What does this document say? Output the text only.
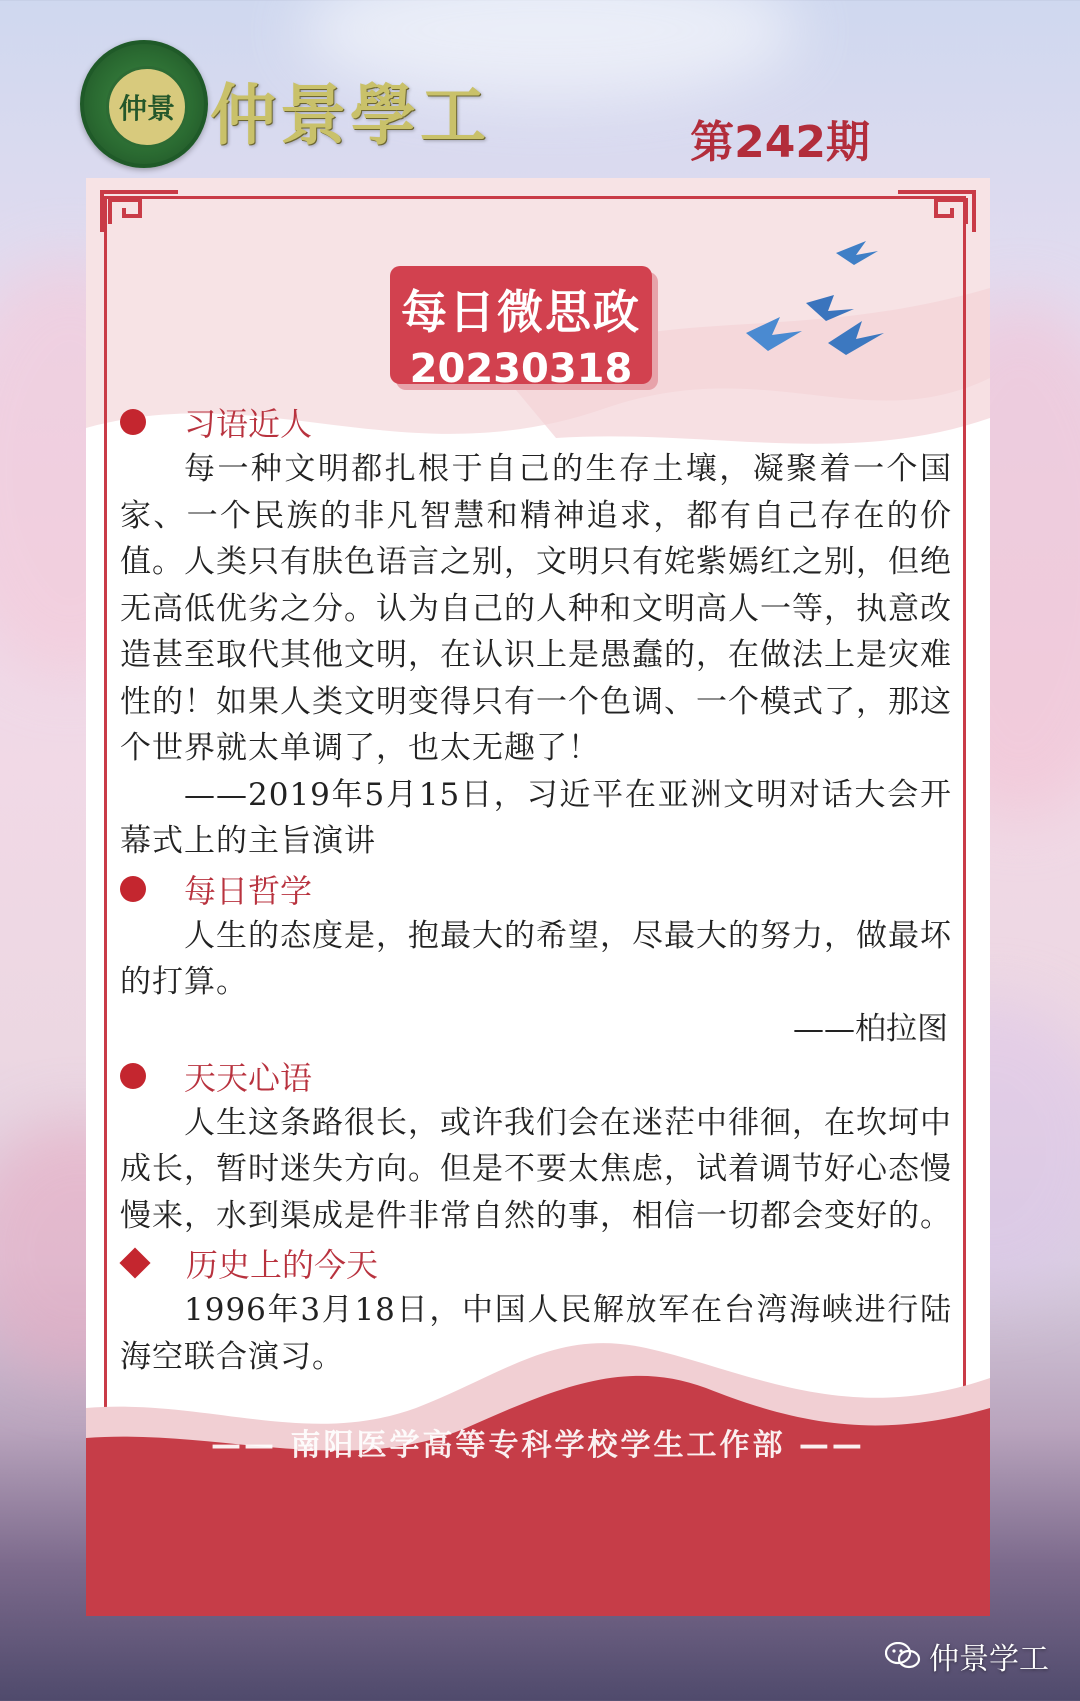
仲景 仲景學工	第242期
每日微思政
20230318
习语近人

每一种文明都扎根于自己的生存土壤，凝聚着一个国家、一个民族的非凡智慧和精神追求，都有自己存在的价值。人类只有肤色语言之别，文明只有姹紫嫣红之别，但绝无高低优劣之分。认为自己的人种和文明高人一等，执意改造甚至取代其他文明，在认识上是愚蠢的，在做法上是灾难性的！如果人类文明变得只有一个色调、一个模式了，那这个世界就太单调了，也太无趣了！

——2019年5月15日，习近平在亚洲文明对话大会开幕式上的主旨演讲

每日哲学

人生的态度是，抱最大的希望，尽最大的努力，做最坏的打算。

——柏拉图

天天心语

人生这条路很长，或许我们会在迷茫中徘徊，在坎坷中成长，暂时迷失方向。但是不要太焦虑，试着调节好心态慢慢来，水到渠成是件非常自然的事，相信一切都会变好的。

历史上的今天

1996年3月18日，中国人民解放军在台湾海峡进行陆海空联合演习。

—— 南阳医学高等专科学校学生工作部 ——
仲景学工
